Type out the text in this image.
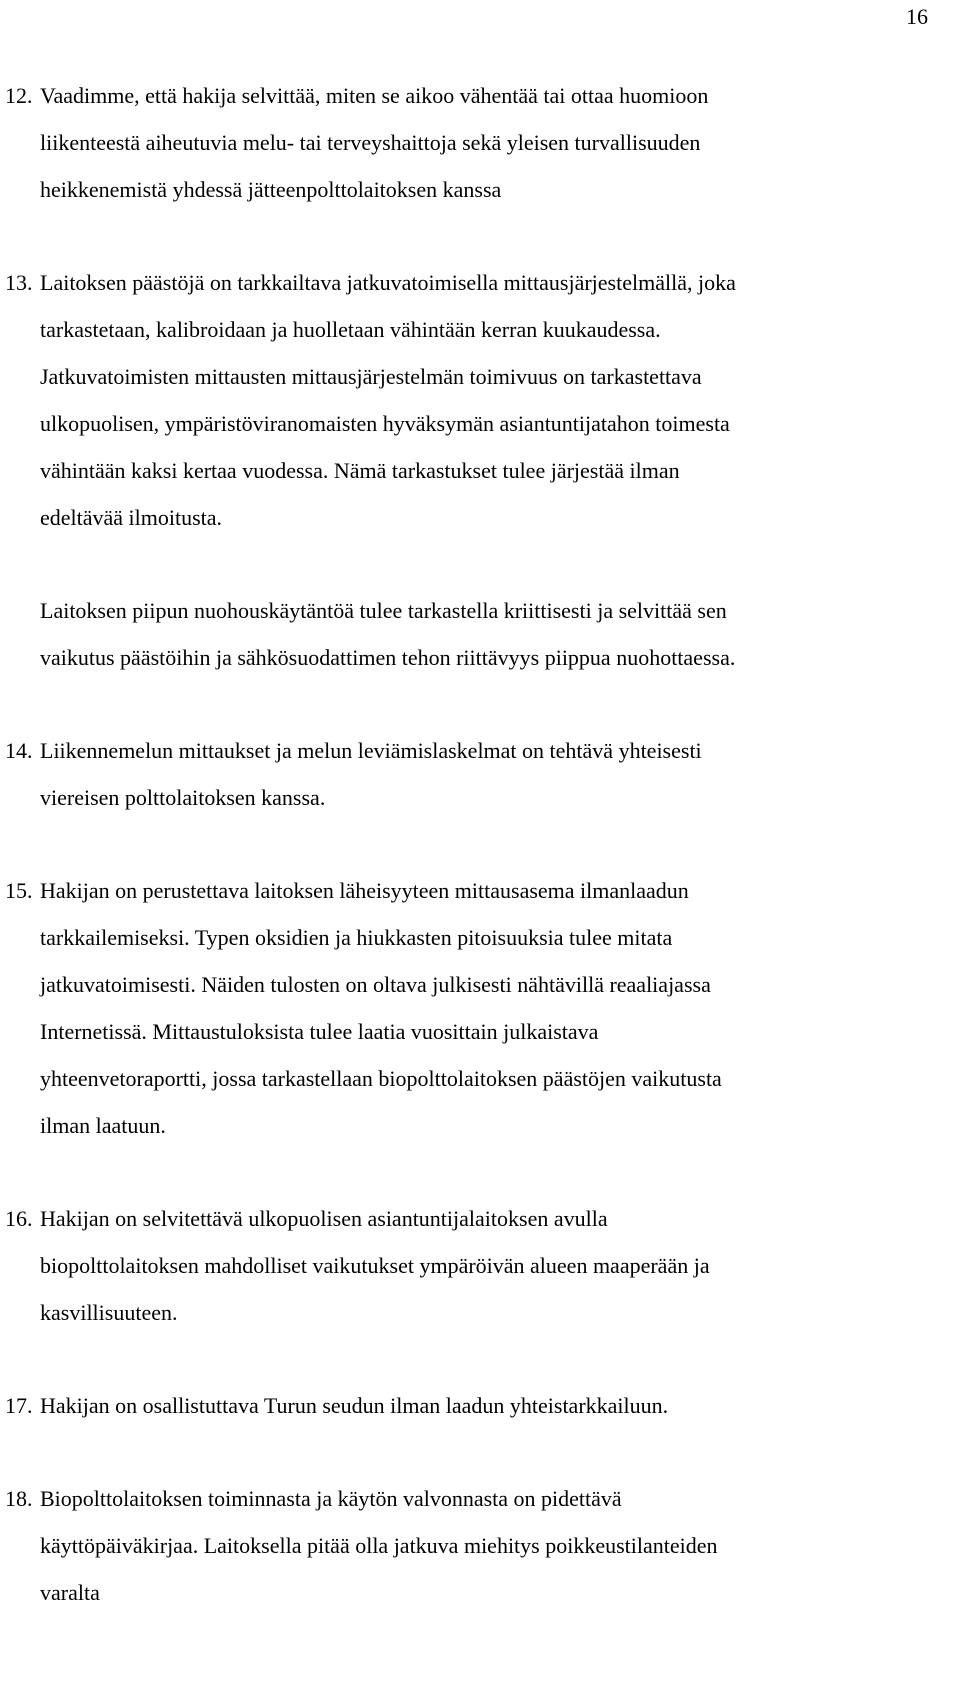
16
12. Vaadimme, että hakija selvittää, miten se aikoo vähentää tai ottaa huomioon
liikenteestä aiheutuvia melu- tai terveyshaittoja sekä yleisen turvallisuuden
heikkenemistä yhdessä jätteenpolttolaitoksen kanssa
13. Laitoksen päästöjä on tarkkailtava jatkuvatoimisella mittausjärjestelmällä, joka
tarkastetaan, kalibroidaan ja huolletaan vähintään kerran kuukaudessa.
Jatkuvatoimisten mittausten mittausjärjestelmän toimivuus on tarkastettava
ulkopuolisen, ympäristöviranomaisten hyväksymän asiantuntijatahon toimesta
vähintään kaksi kertaa vuodessa. Nämä tarkastukset tulee järjestää ilman
edeltävää ilmoitusta.
Laitoksen piipun nuohouskäytäntöä tulee tarkastella kriittisesti ja selvittää sen
vaikutus päästöihin ja sähkösuodattimen tehon riittävyys piippua nuohottaessa.
14. Liikennemelun mittaukset ja melun leviämislaskelmat on tehtävä yhteisesti
viereisen polttolaitoksen kanssa.
15. Hakijan on perustettava laitoksen läheisyyteen mittausasema ilmanlaadun
tarkkailemiseksi. Typen oksidien ja hiukkasten pitoisuuksia tulee mitata
jatkuvatoimisesti. Näiden tulosten on oltava julkisesti nähtävillä reaaliajassa
Internetissä. Mittaustuloksista tulee laatia vuosittain julkaistava
yhteenvetoraportti, jossa tarkastellaan biopolttolaitoksen päästöjen vaikutusta
ilman laatuun.
16. Hakijan on selvitettävä ulkopuolisen asiantuntijalaitoksen avulla
biopolttolaitoksen mahdolliset vaikutukset ympäröivän alueen maaperään ja
kasvillisuuteen.
17. Hakijan on osallistuttava Turun seudun ilman laadun yhteistarkkailuun.
18. Biopolttolaitoksen toiminnasta ja käytön valvonnasta on pidettävä
käyttöpäiväkirjaa. Laitoksella pitää olla jatkuva miehitys poikkeustilanteiden
varalta
